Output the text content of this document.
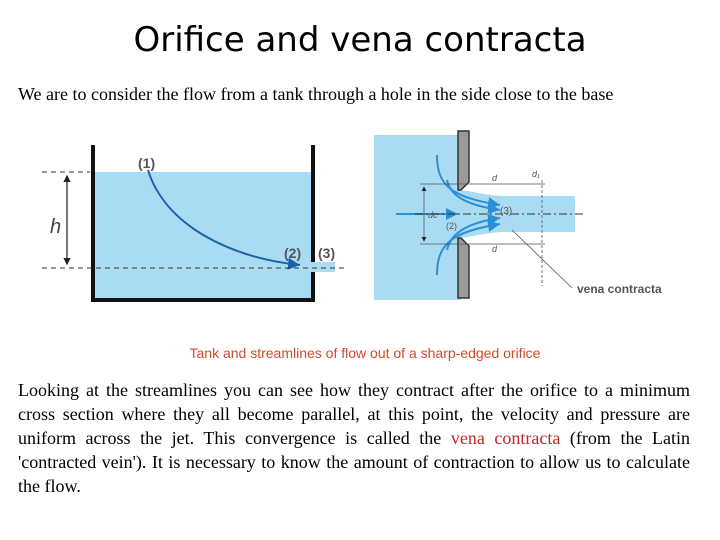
Orifice and vena contracta
We are to consider the flow from a tank through a hole in the side close to the base
h
(1)
(2) (3)
d₁
d
d
dc
(2)
(3)
vena contracta
Tank and streamlines of flow out of a sharp-edged orifice
Looking at the streamlines you can see how they contract after the orifice to a minimum cross section where they all become parallel, at this point, the velocity and pressure are uniform across the jet. This convergence is called the vena contracta (from the Latin 'contracted vein'). It is necessary to know the amount of contraction to allow us to calculate the flow.
